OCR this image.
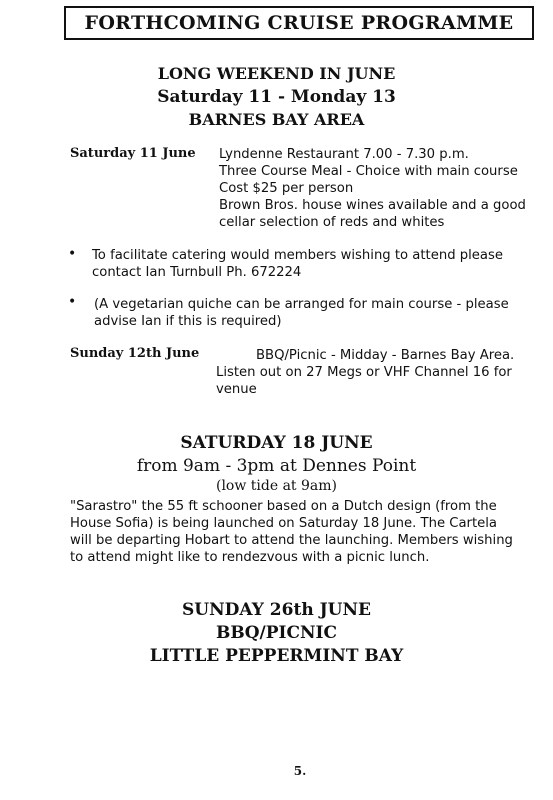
FORTHCOMING CRUISE PROGRAMME
LONG WEEKEND IN JUNE
Saturday 11 - Monday 13
BARNES BAY AREA
Saturday 11 June Lyndenne Restaurant 7.00 - 7.30 p.m.
Three Course Meal - Choice with main course
Cost $25 per person
Brown Bros. house wines available and a good
cellar selection of reds and whites
• To facilitate catering would members wishing to attend please
contact Ian Turnbull Ph. 672224
• (A vegetarian quiche can be arranged for main course - please
advise Ian if this is required)
Sunday 12th June	BBQ/Picnic - Midday - Barnes Bay Area.
Listen out on 27 Megs or VHF Channel 16 for
venue
SATURDAY 18 JUNE
from 9am - 3pm at Dennes Point
(low tide at 9am)
"Sarastro" the 55 ft schooner based on a Dutch design (from the
House Sofia) is being launched on Saturday 18 June. The Cartela
will be departing Hobart to attend the launching. Members wishing
to attend might like to rendezvous with a picnic lunch.
SUNDAY 26th JUNE
BBQ/PICNIC
LITTLE PEPPERMINT BAY
5.
